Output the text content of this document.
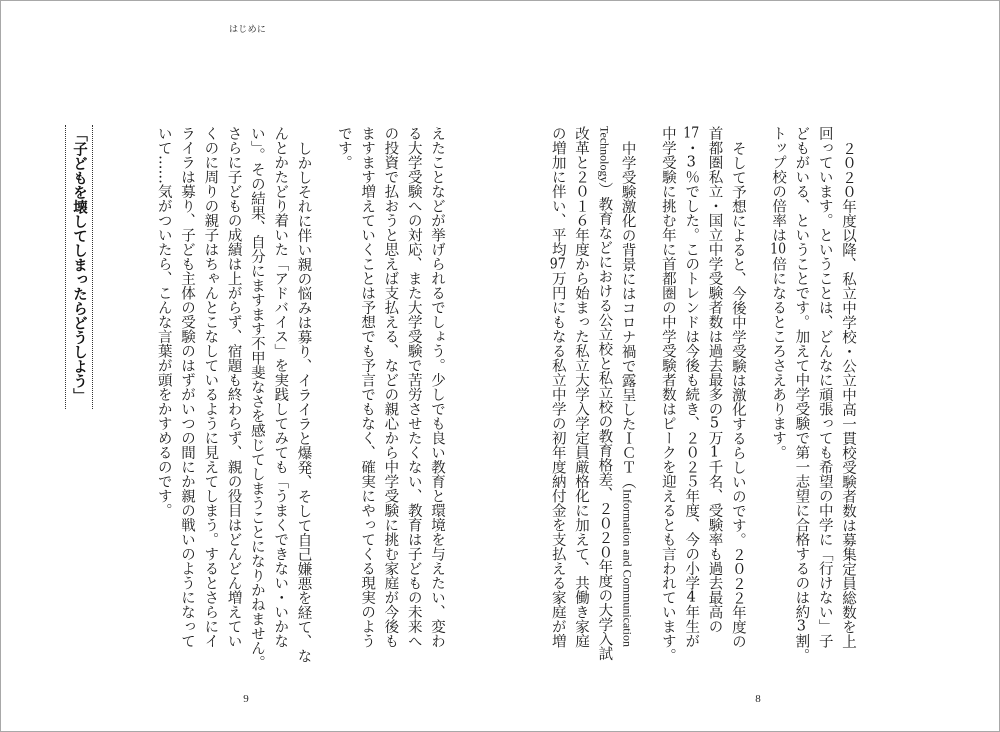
はじめに
２０２０年度以降、私立中学校・公立中高一貫校受験者数は募集定員総数を上
回っています。ということは、どんなに頑張っても希望の中学に「行けない」子
どもがいる、ということです。加えて中学受験で第一志望に合格するのは約3割。
トップ校の倍率は10倍になるところさえあります。
そして予想によると、今後中学受験は激化するらしいのです。２０２２年度の
首都圏私立・国立中学受験者数は過去最多の5万1千名、受験率も過去最高の
17・3％でした。このトレンドは今後も続き、２０２５年度、今の小学4年生が
中学受験に挑む年に首都圏の中学受験者数はピークを迎えるとも言われています。
中学受験激化の背景にはコロナ禍で露呈したＩＣＴ（Information and Communication
Technology）教育などにおける公立校と私立校の教育格差、２０２０年度の大学入試
改革と２０１６年度から始まった私立大学入学定員厳格化に加えて、共働き家庭
の増加に伴い、平均97万円にもなる私立中学の初年度納付金を支払える家庭が増
えたことなどが挙げられるでしょう。少しでも良い教育と環境を与えたい、変わ
る大学受験への対応、また大学受験で苦労させたくない、教育は子どもの未来へ
の投資で払おうと思えば支払える、などの親心から中学受験に挑む家庭が今後も
ますます増えていくことは予想でも予言でもなく、確実にやってくる現実のよう
です。
しかしそれに伴い親の悩みは募り、イライラと爆発、そして自己嫌悪を経て、な
んとかたどり着いた「アドバイス」を実践してみても「うまくできない・いかな
い」。その結果、自分にますます不甲斐なさを感じてしまうことになりかねません。
さらに子どもの成績は上がらず、宿題も終わらず、親の役目はどんどん増えてい
くのに周りの親子はちゃんとこなしているように見えてしまう。するとさらにイ
ライラは募り、子ども主体の受験のはずがいつの間にか親の戦いのようになって
いて……気がついたら、こんな言葉が頭をかすめるのです。
「子どもを壊してしまったらどうしよう」
9	8
